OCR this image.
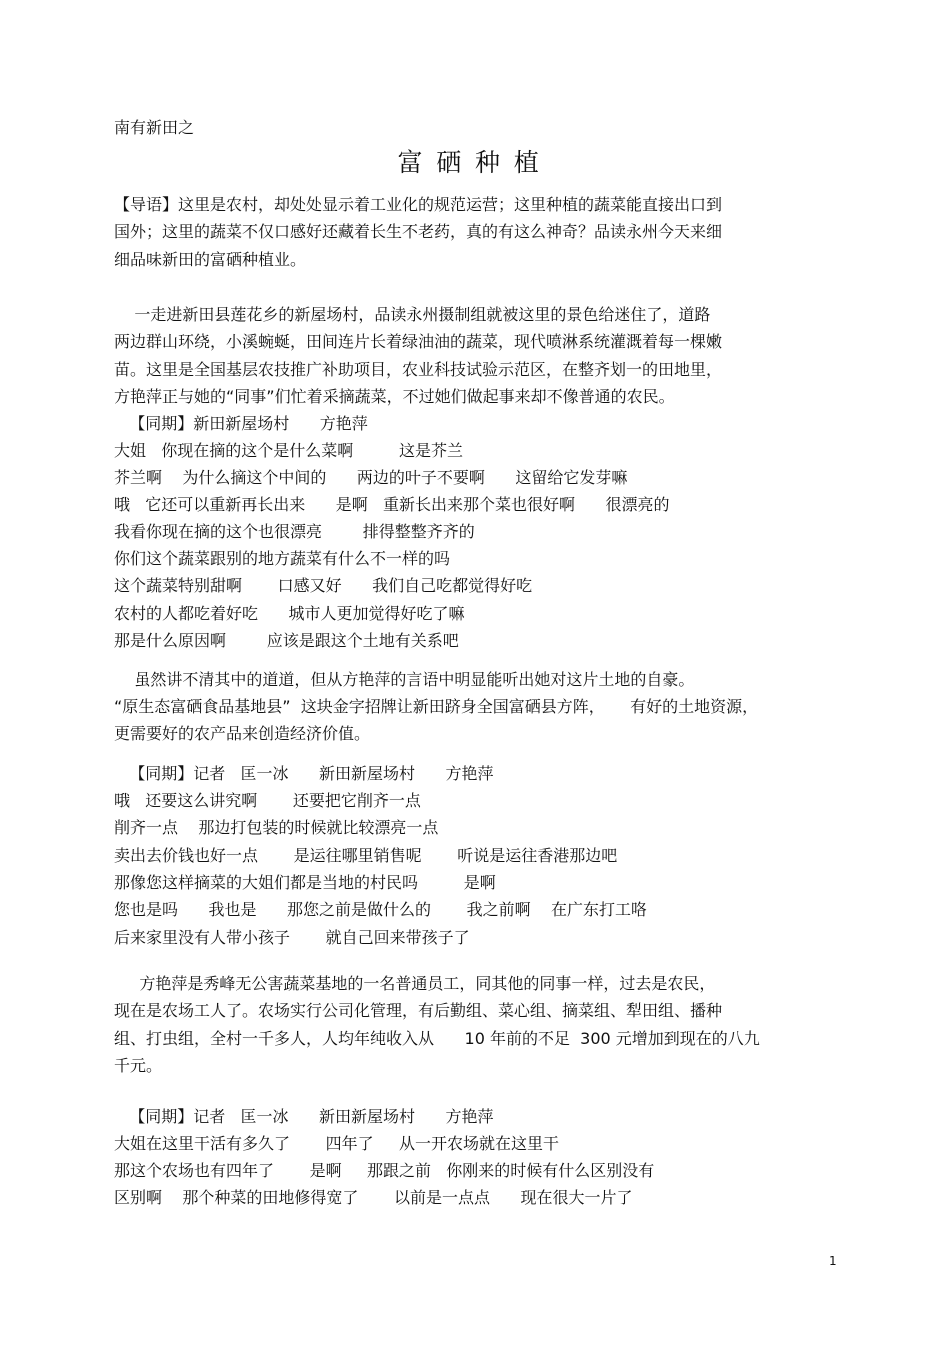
南有新田之
富硒种植
【导语】这里是农村，却处处显示着工业化的规范运营；这里种植的蔬菜能直接出口到
国外；这里的蔬菜不仅口感好还藏着长生不老药，真的有这么神奇？品读永州今天来细
细品味新田的富硒种植业。
一走进新田县莲花乡的新屋场村，品读永州摄制组就被这里的景色给迷住了，道路
两边群山环绕，小溪蜿蜒，田间连片长着绿油油的蔬菜，现代喷淋系统灌溉着每一棵嫩
苗。这里是全国基层农技推广补助项目，农业科技试验示范区，在整齐划一的田地里，
方艳萍正与她的“同事”们忙着采摘蔬菜，不过她们做起事来却不像普通的农民。
【同期】新田新屋场村      方艳萍
大姐   你现在摘的这个是什么菜啊         这是芥兰
芥兰啊    为什么摘这个中间的      两边的叶子不要啊      这留给它发芽嘛
哦   它还可以重新再长出来      是啊   重新长出来那个菜也很好啊      很漂亮的
我看你现在摘的这个也很漂亮        排得整整齐齐的
你们这个蔬菜跟别的地方蔬菜有什么不一样的吗
这个蔬菜特别甜啊       口感又好      我们自己吃都觉得好吃
农村的人都吃着好吃      城市人更加觉得好吃了嘛
那是什么原因啊        应该是跟这个土地有关系吧
虽然讲不清其中的道道，但从方艳萍的言语中明显能听出她对这片土地的自豪。
“原生态富硒食品基地县”  这块金字招牌让新田跻身全国富硒县方阵，     有好的土地资源，
更需要好的农产品来创造经济价值。
【同期】记者   匡一冰      新田新屋场村      方艳萍
哦   还要这么讲究啊       还要把它削齐一点
削齐一点    那边打包装的时候就比较漂亮一点
卖出去价钱也好一点       是运往哪里销售呢       听说是运往香港那边吧
那像您这样摘菜的大姐们都是当地的村民吗         是啊
您也是吗      我也是      那您之前是做什么的       我之前啊    在广东打工咯
后来家里没有人带小孩子       就自己回来带孩子了
方艳萍是秀峰无公害蔬菜基地的一名普通员工，同其他的同事一样，过去是农民，
现在是农场工人了。农场实行公司化管理，有后勤组、菜心组、摘菜组、犁田组、播种
组、打虫组，全村一千多人，人均年纯收入从      10 年前的不足  300 元增加到现在的八九
千元。
【同期】记者   匡一冰      新田新屋场村      方艳萍
大姐在这里干活有多久了       四年了     从一开农场就在这里干
那这个农场也有四年了       是啊     那跟之前   你刚来的时候有什么区别没有
区别啊    那个种菜的田地修得宽了       以前是一点点      现在很大一片了
1
